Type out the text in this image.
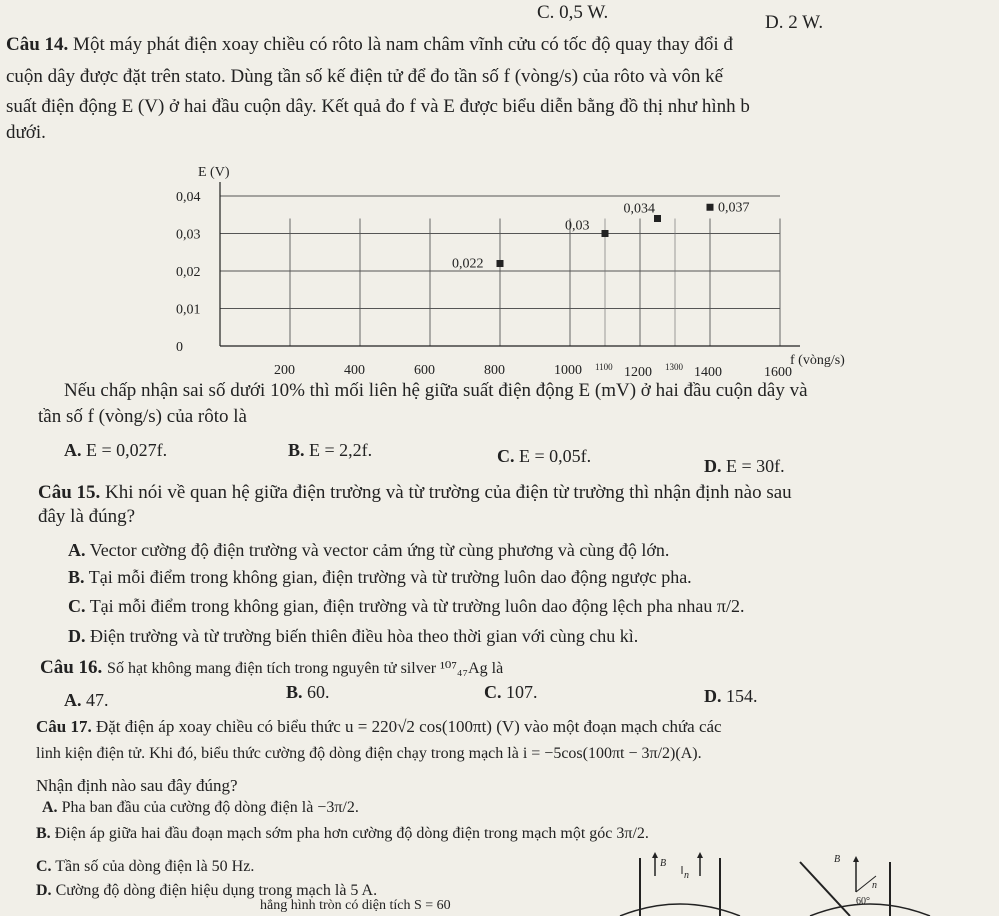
C. 0,5 W.	D. 2 W.
Câu 14. Một máy phát điện xoay chiều có rôto là nam châm vĩnh cửu có tốc độ quay thay đổi đ
cuộn dây được đặt trên stato. Dùng tần số kế điện tử để đo tần số f (vòng/s) của rôto và vôn kế
suất điện động E (V) ở hai đầu cuộn dây. Kết quả đo f và E được biểu diễn bằng đồ thị như hình b
dưới.
0
0,01
0,02
0,03
0,04
200	400	600	800	1000	1200	1400	1600
1100	1300
0,022
0,03
0,034	0,037
E (V)
f (vòng/s)
Nếu chấp nhận sai số dưới 10% thì mối liên hệ giữa suất điện động E (mV) ở hai đầu cuộn dây và
tần số f (vòng/s) của rôto là
A. E = 0,027f.	B. E = 2,2f.	C. E = 0,05f.	D. E = 30f.
Câu 15. Khi nói về quan hệ giữa điện trường và từ trường của điện từ trường thì nhận định nào sau
đây là đúng?
A. Vector cường độ điện trường và vector cảm ứng từ cùng phương và cùng độ lớn.
B. Tại mỗi điểm trong không gian, điện trường và từ trường luôn dao động ngược pha.
C. Tại mỗi điểm trong không gian, điện trường và từ trường luôn dao động lệch pha nhau π/2.
D. Điện trường và từ trường biến thiên điều hòa theo thời gian với cùng chu kì.
Câu 16. Số hạt không mang điện tích trong nguyên tử silver ¹⁰⁷₄₇Ag là
A. 47.	B. 60.	C. 107.	D. 154.
Câu 17. Đặt điện áp xoay chiều có biểu thức u = 220√2 cos(100πt) (V) vào một đoạn mạch chứa các
linh kiện điện tử. Khi đó, biểu thức cường độ dòng điện chạy trong mạch là i = −5cos(100πt − 3π/2)(A).
Nhận định nào sau đây đúng?
A. Pha ban đầu của cường độ dòng điện là −3π/2.
B. Điện áp giữa hai đầu đoạn mạch sớm pha hơn cường độ dòng điện trong mạch một góc 3π/2.
C. Tần số của dòng điện là 50 Hz.
D. Cường độ dòng điện hiệu dụng trong mạch là 5 A.
hẳng hình tròn có diện tích S = 60
B
n
B
60°
n
